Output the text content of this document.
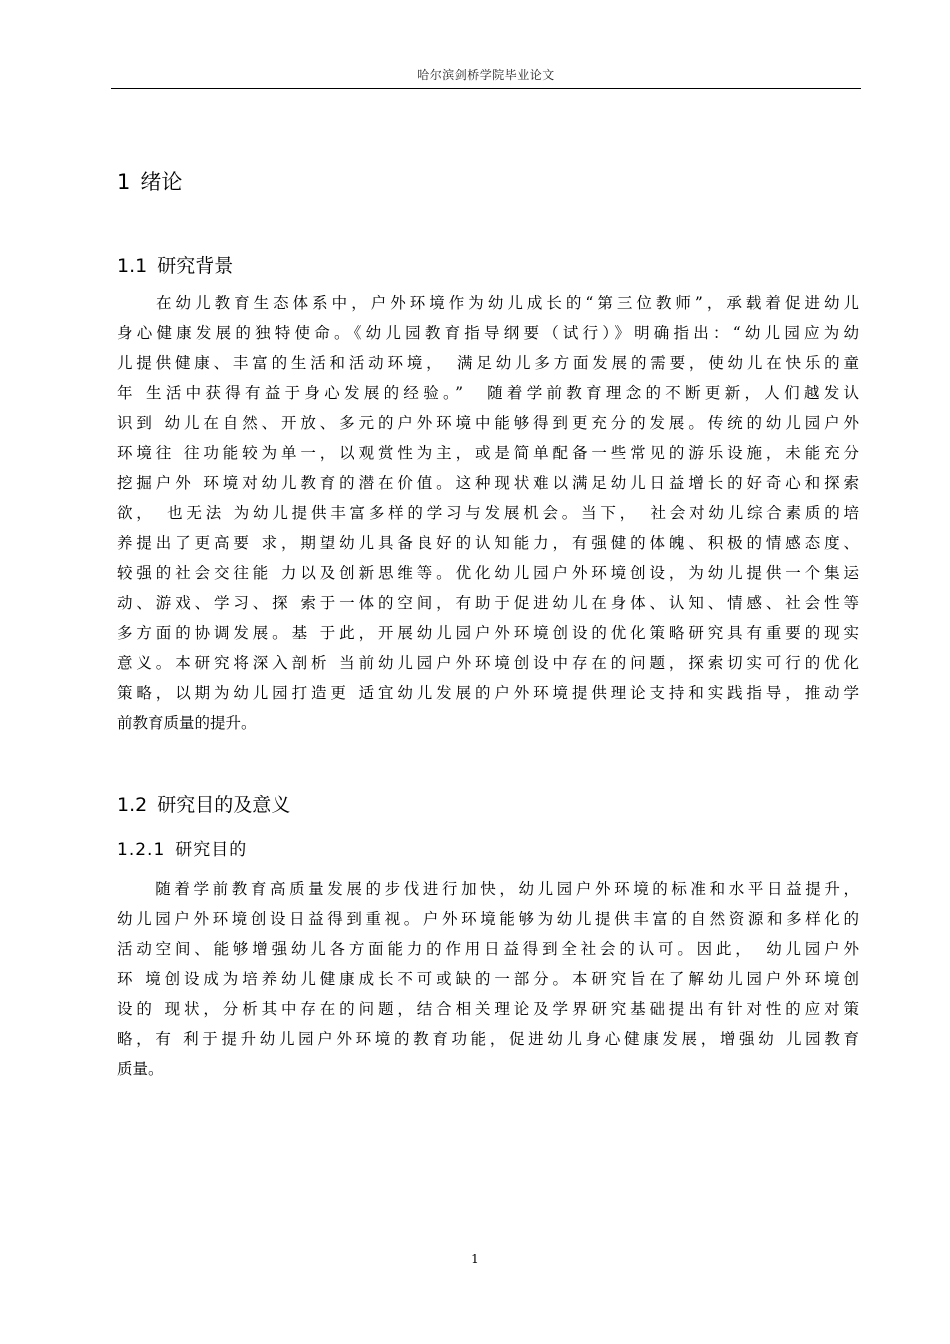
哈尔滨剑桥学院毕业论文
1 绪论
1.1 研究背景
　　在幼儿教育生态体系中，户外环境作为幼儿成长的“第三位教师”，承载着促进幼儿
身心健康发展的独特使命。《幼儿园教育指导纲要（试行）》明确指出：“幼儿园应为幼
儿提供健康、丰富的生活和活动环境，　满足幼儿多方面发展的需要，使幼儿在快乐的童
年 生活中获得有益于身心发展的经验。”　随着学前教育理念的不断更新，人们越发认
识到 幼儿在自然、开放、多元的户外环境中能够得到更充分的发展。传统的幼儿园户外
环境往 往功能较为单一，以观赏性为主，或是简单配备一些常见的游乐设施，未能充分
挖掘户外 环境对幼儿教育的潜在价值。这种现状难以满足幼儿日益增长的好奇心和探索
欲，　也无法 为幼儿提供丰富多样的学习与发展机会。当下，　社会对幼儿综合素质的培
养提出了更高要 求，期望幼儿具备良好的认知能力，有强健的体魄、积极的情感态度、
较强的社会交往能 力以及创新思维等。优化幼儿园户外环境创设，为幼儿提供一个集运
动、游戏、学习、探 索于一体的空间，有助于促进幼儿在身体、认知、情感、社会性等
多方面的协调发展。基 于此，开展幼儿园户外环境创设的优化策略研究具有重要的现实
意义。本研究将深入剖析 当前幼儿园户外环境创设中存在的问题，探索切实可行的优化
策略，以期为幼儿园打造更 适宜幼儿发展的户外环境提供理论支持和实践指导，推动学
前教育质量的提升。
1.2 研究目的及意义
1.2.1 研究目的
　　随着学前教育高质量发展的步伐进行加快，幼儿园户外环境的标准和水平日益提升，
幼儿园户外环境创设日益得到重视。户外环境能够为幼儿提供丰富的自然资源和多样化的
活动空间、能够增强幼儿各方面能力的作用日益得到全社会的认可。因此，　幼儿园户外
环 境创设成为培养幼儿健康成长不可或缺的一部分。本研究旨在了解幼儿园户外环境创
设的 现状，分析其中存在的问题，结合相关理论及学界研究基础提出有针对性的应对策
略，有 利于提升幼儿园户外环境的教育功能，促进幼儿身心健康发展，增强幼 儿园教育
质量。
1
